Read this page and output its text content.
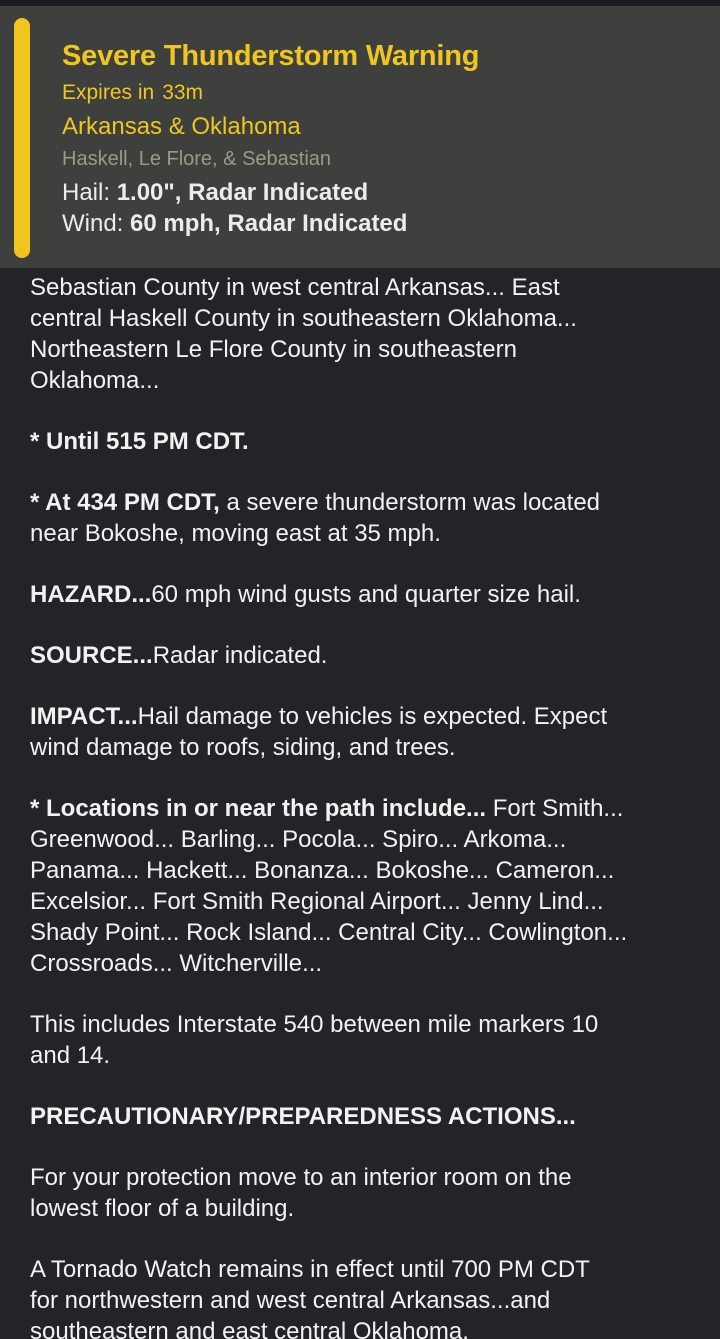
Severe Thunderstorm Warning
Expires in 33m
Arkansas & Oklahoma
Haskell, Le Flore, & Sebastian
Hail: 1.00", Radar Indicated
Wind: 60 mph, Radar Indicated

Sebastian County in west central Arkansas... East
central Haskell County in southeastern Oklahoma...
Northeastern Le Flore County in southeastern
Oklahoma...

* Until 515 PM CDT.

* At 434 PM CDT, a severe thunderstorm was located
near Bokoshe, moving east at 35 mph.

HAZARD...60 mph wind gusts and quarter size hail.

SOURCE...Radar indicated.

IMPACT...Hail damage to vehicles is expected. Expect
wind damage to roofs, siding, and trees.

* Locations in or near the path include... Fort Smith...
Greenwood... Barling... Pocola... Spiro... Arkoma...
Panama... Hackett... Bonanza... Bokoshe... Cameron...
Excelsior... Fort Smith Regional Airport... Jenny Lind...
Shady Point... Rock Island... Central City... Cowlington...
Crossroads... Witcherville...

This includes Interstate 540 between mile markers 10
and 14.

PRECAUTIONARY/PREPAREDNESS ACTIONS...

For your protection move to an interior room on the
lowest floor of a building.

A Tornado Watch remains in effect until 700 PM CDT
for northwestern and west central Arkansas...and
southeastern and east central Oklahoma.
